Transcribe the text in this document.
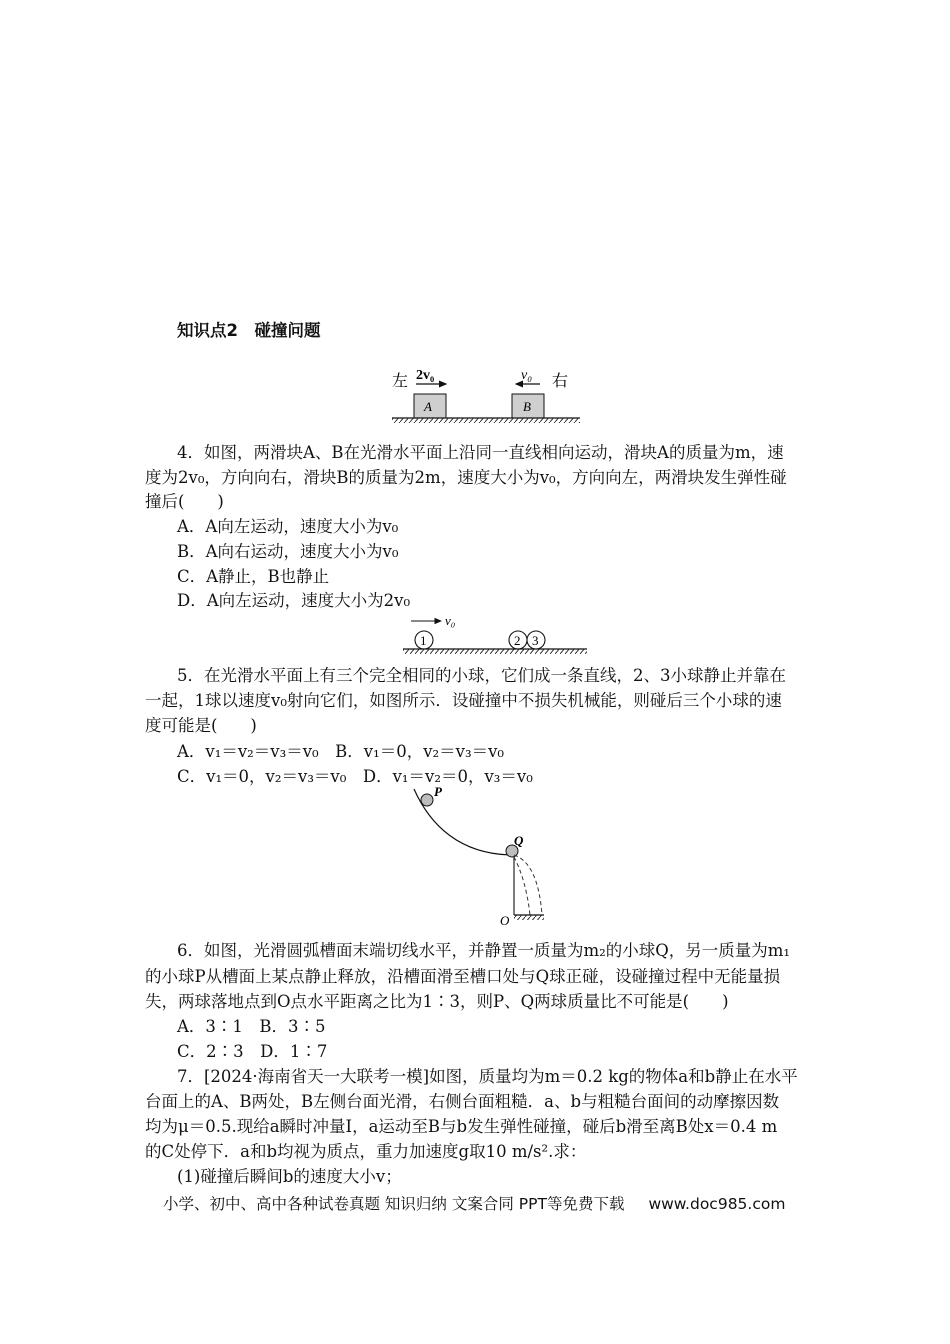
知识点2　碰撞问题
左	右
2v₀	v₀
A	B
4．如图，两滑块A、B在光滑水平面上沿同一直线相向运动，滑块A的质量为m，速
度为2v₀，方向向右，滑块B的质量为2m，速度大小为v₀，方向向左，两滑块发生弹性碰
撞后(　　)
A．A向左运动，速度大小为v₀
B．A向右运动，速度大小为v₀
C．A静止，B也静止
D．A向左运动，速度大小为2v₀
v₀
1	2 3
5．在光滑水平面上有三个完全相同的小球，它们成一条直线，2、3小球静止并靠在
一起，1球以速度v₀射向它们，如图所示．设碰撞中不损失机械能，则碰后三个小球的速
度可能是(　　)
A．v₁＝v₂＝v₃＝v₀　B．v₁＝0，v₂＝v₃＝v₀
C．v₁＝0，v₂＝v₃＝v₀　D．v₁＝v₂＝0，v₃＝v₀
P
Q
O
6．如图，光滑圆弧槽面末端切线水平，并静置一质量为m₂的小球Q，另一质量为m₁
的小球P从槽面上某点静止释放，沿槽面滑至槽口处与Q球正碰，设碰撞过程中无能量损
失，两球落地点到O点水平距离之比为1∶3，则P、Q两球质量比不可能是(　　)
A．3∶1　B．3∶5
C．2∶3　D．1∶7
7．[2024·海南省天一大联考一模]如图，质量均为m＝0.2 kg的物体a和b静止在水平
台面上的A、B两处，B左侧台面光滑，右侧台面粗糙．a、b与粗糙台面间的动摩擦因数
均为μ＝0.5.现给a瞬时冲量I，a运动至B与b发生弹性碰撞，碰后b滑至离B处x＝0.4 m
的C处停下．a和b均视为质点，重力加速度g取10 m/s².求：
(1)碰撞后瞬间b的速度大小v；
小学、初中、高中各种试卷真题 知识归纳 文案合同 PPT等免费下载 www.doc985.com
